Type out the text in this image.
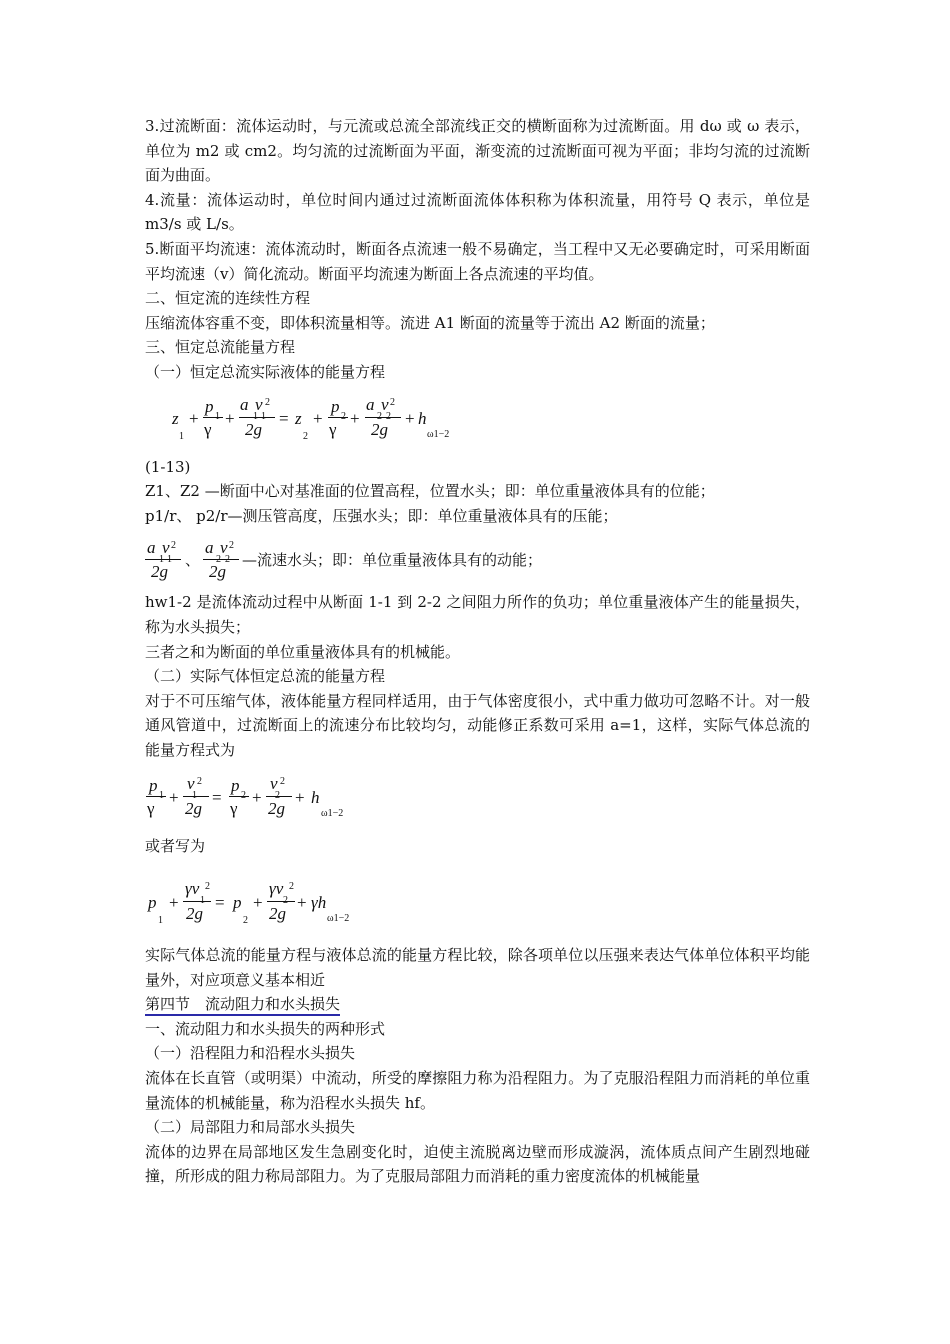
3.过流断面：流体运动时，与元流或总流全部流线正交的横断面称为过流断面。用 dω 或 ω 表示，单位为 m2 或 cm2。均匀流的过流断面为平面，渐变流的过流断面可视为平面；非均匀流的过流断面为曲面。

4.流量：流体运动时，单位时间内通过过流断面流体体积称为体积流量，用符号 Q 表示，单位是 m3/s 或 L/s。

5.断面平均流速：流体流动时，断面各点流速一般不易确定，当工程中又无必要确定时，可采用断面平均流速（v）简化流动。断面平均流速为断面上各点流速的平均值。

二、恒定流的连续性方程

压缩流体容重不变，即体积流量相等。流进 A1 断面的流量等于流出 A2 断面的流量；

三、恒定总流能量方程

（一）恒定总流实际液体的能量方程

z
1
+
p
γ
+
a v 2
2g
= z
2
+
p
γ
+
a v 2
2g
+ h
ω1−2

(1-13)

Z1、Z2 —断面中心对基准面的位置高程，位置水头；即：单位重量液体具有的位能；

p1/r、 p2/r—测压管高度，压强水头；即：单位重量液体具有的压能；

a v 2
2g
、
a v 2
2g
—流速水头；即：单位重量液体具有的动能；

hw1-2 是流体流动过程中从断面 1-1 到 2-2 之间阻力所作的负功；单位重量液体产生的能量损失，称为水头损失；

三者之和为断面的单位重量液体具有的机械能。

（二）实际气体恒定总流的能量方程

对于不可压缩气体，液体能量方程同样适用，由于气体密度很小，式中重力做功可忽略不计。对一般通风管道中，过流断面上的流速分布比较均匀，动能修正系数可采用 a=1，这样，实际气体总流的能量方程式为

p
γ
+
v 2
2g
=
p
γ
+
v 2
2g
+ h
ω1−2

或者写为

p
1
+
γv 2
2g
= p
2
+
γv 2
2g
+ γh
ω1−2

实际气体总流的能量方程与液体总流的能量方程比较，除各项单位以压强来表达气体单位体积平均能量外，对应项意义基本相近

第四节　流动阻力和水头损失

一、流动阻力和水头损失的两种形式

（一）沿程阻力和沿程水头损失

流体在长直管（或明渠）中流动，所受的摩擦阻力称为沿程阻力。为了克服沿程阻力而消耗的单位重量流体的机械能量，称为沿程水头损失 hf。

（二）局部阻力和局部水头损失

流体的边界在局部地区发生急剧变化时，迫使主流脱离边壁而形成漩涡，流体质点间产生剧烈地碰撞，所形成的阻力称局部阻力。为了克服局部阻力而消耗的重力密度流体的机械能量
